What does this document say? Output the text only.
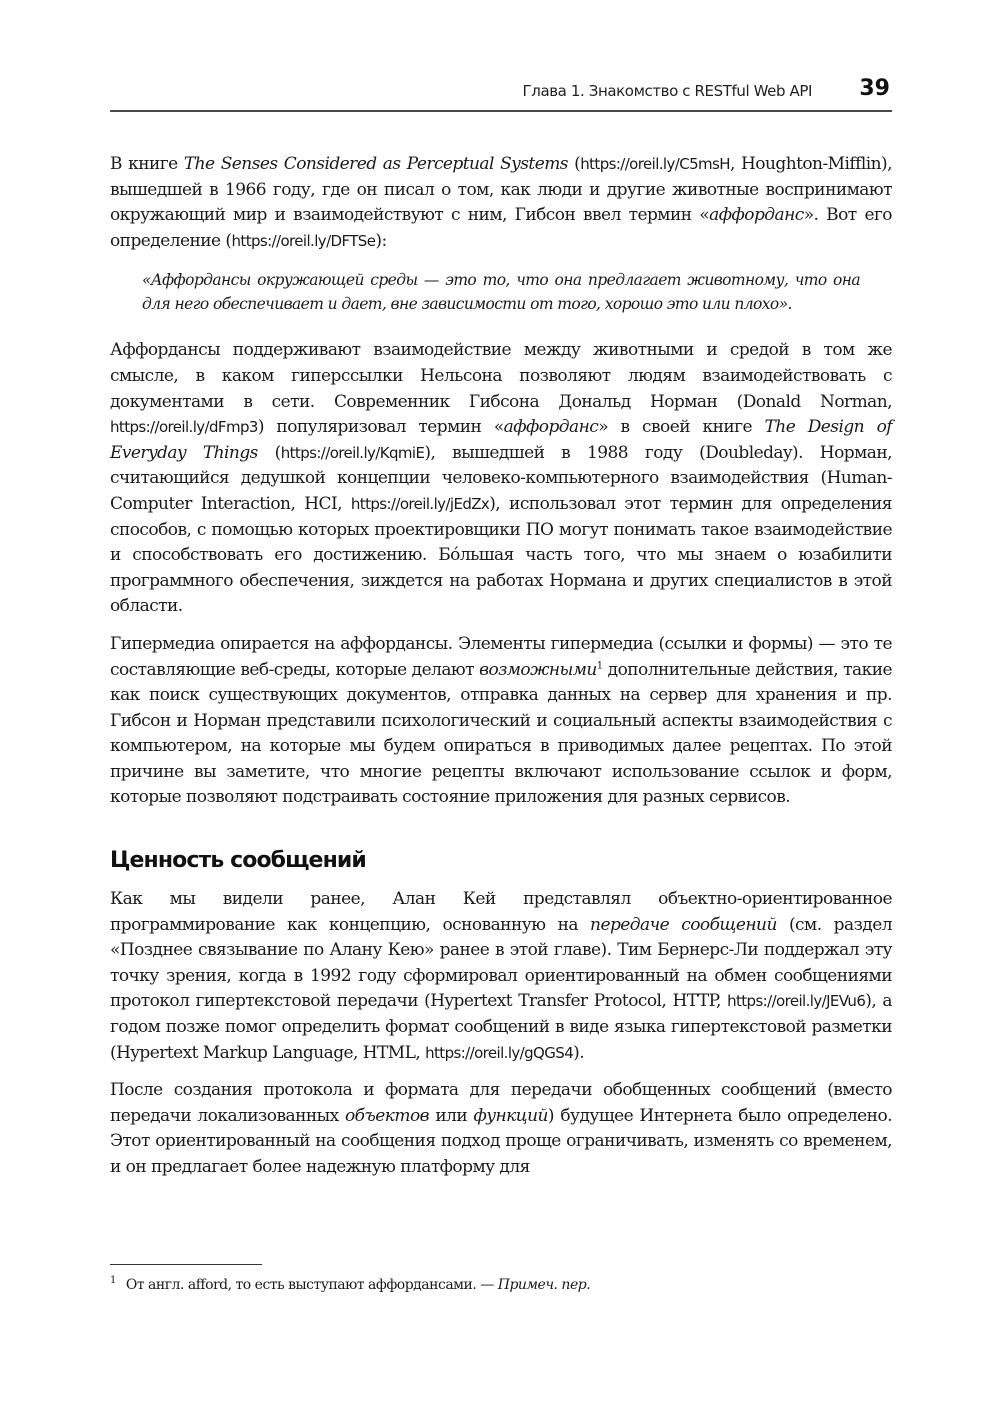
Глава 1. Знакомство с RESTful Web API 39

В книге The Senses Considered as Perceptual Systems (https://oreil.ly/C5msH, Houghton-Mifflin), вышедшей в 1966 году, где он писал о том, как люди и другие животные воспринимают окружающий мир и взаимодействуют с ним, Гибсон ввел термин «аффорданс». Вот его определение (https://oreil.ly/DFTSe):

«Аффордансы окружающей среды — это то, что она предлагает животному, что она для него обеспечивает и дает, вне зависимости от того, хорошо это или плохо».

Аффордансы поддерживают взаимодействие между животными и средой в том же смысле, в каком гиперссылки Нельсона позволяют людям взаимодействовать с документами в сети. Современник Гибсона Дональд Норман (Donald Norman, https://oreil.ly/dFmp3) популяризовал термин «аффорданс» в своей книге The Design of Everyday Things (https://oreil.ly/KqmiE), вышедшей в 1988 году (Doubleday). Норман, считающийся дедушкой концепции человеко-компьютерного взаимодействия (Human-Computer Interaction, HCI, https://oreil.ly/jEdZx), использовал этот термин для определения способов, с помощью которых проектировщики ПО могут понимать такое взаимодействие и способствовать его достижению. Бо́льшая часть того, что мы знаем о юзабилити программного обеспечения, зиждется на работах Нормана и других специалистов в этой области.

Гипермедиа опирается на аффордансы. Элементы гипермедиа (ссылки и формы) — это те составляющие веб-среды, которые делают возможными$^1$ дополнительные действия, такие как поиск существующих документов, отправка данных на сервер для хранения и пр. Гибсон и Норман представили психологический и социальный аспекты взаимодействия с компьютером, на которые мы будем опираться в приводимых далее рецептах. По этой причине вы заметите, что многие рецепты включают использование ссылок и форм, которые позволяют подстраивать состояние приложения для разных сервисов.

Ценность сообщений

Как мы видели ранее, Алан Кей представлял объектно-ориентированное программирование как концепцию, основанную на передаче сообщений (см. раздел «Позднее связывание по Алану Кею» ранее в этой главе). Тим Бернерс-Ли поддержал эту точку зрения, когда в 1992 году сформировал ориентированный на обмен сообщениями протокол гипертекстовой передачи (Hypertext Transfer Protocol, HTTP, https://oreil.ly/JEVu6), а годом позже помог определить формат сообщений в виде языка гипертекстовой разметки (Hypertext Markup Language, HTML, https://oreil.ly/gQGS4).

После создания протокола и формата для передачи обобщенных сообщений (вместо передачи локализованных объектов или функций) будущее Интернета было определено. Этот ориентированный на сообщения подход проще ограничивать, изменять со временем, и он предлагает более надежную платформу для

$^1$ От англ. afford, то есть выступают аффордансами. — Примеч. пер.
